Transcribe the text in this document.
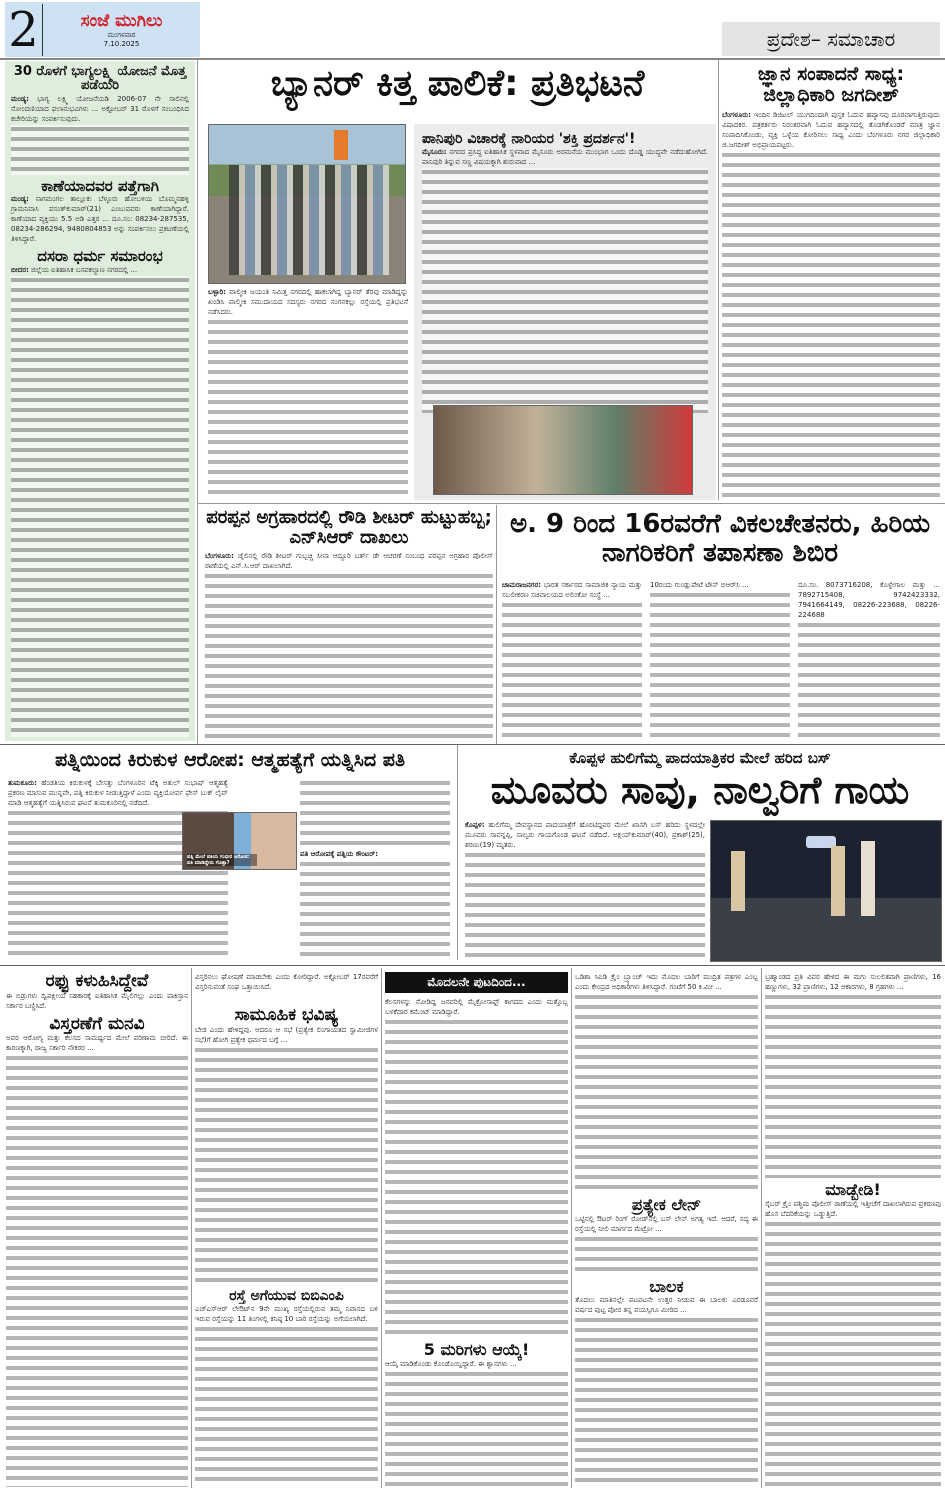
2	ಸಂಜೆ ಮುಗಿಲು
ಮಂಗಳವಾರ
7.10.2025	ಪ್ರದೇಶ– ಸಮಾಚಾರ
30 ರೊಳಗೆ ಭಾಗ್ಯಲಕ್ಷ್ಮಿ ಯೋಜನೆ ಮೊತ್ತ ಪಡೆಯಿರಿ
ಮಂಡ್ಯ: ಭಾಗ್ಯ ಲಕ್ಷ್ಮಿ ಯೋಜನೆಯಡಿ 2006-07 ನೇ ಸಾಲಿನಲ್ಲಿ ನೋಂದಣಿಯಾದ ಫಲಾನುಭವಿಗಳು ... ಅಕ್ಟೋಬರ್ 31 ರೊಳಗೆ ಸಂಬಂಧಿಸಿದ ಕಚೇರಿಯನ್ನು ಸಂಪರ್ಕಿಸುವುದು.
ಕಾಣೆಯಾದವರ ಪತ್ತೆಗಾಗಿ
ಮಂಡ್ಯ: ನಾಗಮಂಗಲ ತಾಲ್ಲೂಕು ಬೆಳ್ಳೂರು ಹೋಬಳಿಯ ಬೊಮ್ಮನಹಳ್ಳಿ ಗ್ರಾಮನಿವಾಸಿ ವಸಂತ್‌ಕುಮಾರ್(21) ಎಂಬುವವರು ಕಾಣೆಯಾಗಿದ್ದಾರೆ. ಕಾಣೆಯಾದ ವ್ಯಕ್ತಿಯು 5.5 ಅಡಿ ಎತ್ತರ ... ದೂ.ಸಂ: 08234-287535, 08234-286294, 9480804853 ಅನ್ನು ಸಂಪರ್ಕಿಸಲು ಪ್ರಕಟಣೆಯಲ್ಲಿ ತಿಳಿಸಿದ್ದಾರೆ.
ದಸರಾ ಧರ್ಮ ಸಮಾರಂಭ
ಬೀದರ: ಜಿಲ್ಲೆಯ ಐತಿಹಾಸಿಕ ಬಸವಕಲ್ಯಾಣ ನಗರದಲ್ಲಿ ...
ಬ್ಯಾನರ್ ಕಿತ್ತ ಪಾಲಿಕೆ: ಪ್ರತಿಭಟನೆ
ಬಳ್ಳಾರಿ: ವಾಲ್ಮೀಕಿ ಜಯಂತಿ ನಿಮಿತ್ತ ನಗರದಲ್ಲಿ ಹಾಕಲಾಗಿದ್ದ ಬ್ಯಾನರ್ ತೆರವು ಮಾಡಿದ್ದನ್ನು ಖಂಡಿಸಿ ವಾಲ್ಮೀಕಿ ಸಮುದಾಯದ ಸದಸ್ಯರು ನಗರದ ಸಂಗನಕಲ್ಲು ರಸ್ತೆಯಲ್ಲಿ ಪ್ರತಿಭಟನೆ ನಡೆಸಿದರು.
ಪಾನಿಪುರಿ ವಿಚಾರಕ್ಕೆ ನಾರಿಯರ 'ಶಕ್ತಿ ಪ್ರದರ್ಶನ'!
ಮೈಸೂರು: ನಗರದ ಪ್ರಸಿದ್ಧ ಐತಿಹಾಸಿಕ ಸ್ಥಳವಾದ ಮೈಸೂರು ಅರಮನೆಯ ಮುಂಭಾಗ ಒಂದು ದೊಡ್ಡ ಯುದ್ಧವೇ ನಡೆದುಹೋಗಿದೆ. ಪಾನಿಪುರಿ ತಿನ್ನುವ ಸಣ್ಣ ವಿಷಯಕ್ಕಾಗಿ ಶುರುವಾದ ...
ಜ್ಞಾನ ಸಂಪಾದನೆ ಸಾಧ್ಯ: ಜಿಲ್ಲಾಧಿಕಾರಿ ಜಗದೀಶ್
ಬೆಂಗಳೂರು: ಇಂದಿನ ಡಿಜಿಟಲ್ ಯುಗದಿಂದಾಗಿ ಪುಸ್ತಕ ಓದುವ ಹವ್ಯಾಸವು ದೂರವಾಗುತ್ತಿರುವುದು ವಿಷಾದಕರ. ಪತ್ರಕರ್ತರು ನಿರಂತರವಾಗಿ ಓದುವ ಹವ್ಯಾಸದಲ್ಲಿ ತೊಡಗಿಕೊಂಡರೆ ಮಾತ್ರ ಜ್ಞಾನ ಸಂಪಾದಿಸಿಕೊಂಡು, ವ್ಯಕ್ತಿ ಒಳ್ಳೆಯ ಕೋರಿಸಲು ಸಾಧ್ಯ ಎಂದು ಬೆಂಗಳೂರು ನಗರ ಜಿಲ್ಲಾಧಿಕಾರಿ ಜಿ.ಜಗದೀಶ್ ಅಭಿಪ್ರಾಯಪಟ್ಟರು.
ಪರಪ್ಪನ ಅಗ್ರಹಾರದಲ್ಲಿ ರೌಡಿ ಶೀಟರ್ ಹುಟ್ಟುಹಬ್ಬ; ಎನ್‌ಸಿಆರ್ ದಾಖಲು
ಬೆಂಗಳೂರು: ಜೈಲಿನಲ್ಲಿ ರೌಡಿ ಶೀಟರ್ ಗುಬ್ಬಚ್ಚಿ ಸೀನಾ ಆದ್ದೂರಿ ಬರ್ತ್ ಡೇ ಆಚರಣೆ ಸಂಬಂಧ ಪರಪ್ಪನ ಅಗ್ರಹಾರ ಪೊಲೀಸ್ ಠಾಣೆಯಲ್ಲಿ ಎನ್.ಸಿ.ಆರ್ ದಾಖಲಾಗಿದೆ.
ಅ. 9 ರಿಂದ 16ರವರೆಗೆ ವಿಕಲಚೇತನರು, ಹಿರಿಯ ನಾಗರಿಕರಿಗೆ ತಪಾಸಣಾ ಶಿಬಿರ
ಚಾಮರಾಜನಗರ: ಭಾರತ ಸರ್ಕಾರದ ಸಾಮಾಜಿಕ ನ್ಯಾಯ ಮತ್ತು ಸಬಲೀಕರಣ ಸಚಿವಾಲಯದ ಅಲಿಂಕೋ ಸಂಸ್ಥೆ ...
10ರಂದು ಗುಂಡ್ಲುಪೇಟೆ ಟೌನ್ ಬಿಆರ್‌ಸಿ ...	ದೂ.ಸಂ. 8073716208, ಕೊಳ್ಳೇಗಾಲ ಮತ್ತು ... 7892715408, 9742423332, 7941664149, 08226-223688, 08226-224688
ಪತ್ನಿಯಿಂದ ಕಿರುಕುಳ ಆರೋಪ: ಆತ್ಮಹತ್ಯೆಗೆ ಯತ್ನಿಸಿದ ಪತಿ
ತುಮಕೂರು: ಹೆಂಡತಿಯ ಕಿರುಕುಳಕ್ಕೆ ಬೇಸತ್ತು ಬೆಂಗಳೂರಿನ ಟೆಕ್ಕಿ ಅತುಲ್ ಸುಭಾಷ್ ಆತ್ಮಹತ್ಯೆ ಪ್ರಕರಣ ಮಾಸುವ ಮುನ್ನವೇ, ಪತ್ನಿ ಕಿರುಕುಳ ನೀಡುತ್ತಿದ್ದಾಳೆ ಎಂದು ವ್ಯಕ್ತಿಯೋರ್ವ ಫೇಸ್ ಬುಕ್ ಲೈವ್ ಮಾಡಿ ಆತ್ಮಹತ್ಯೆಗೆ ಯತ್ನಿಸಿರುವ ಘಟನೆ ತುಮಕೂರಿನಲ್ಲಿ ನಡೆದಿದೆ.
ಪತ್ನಿ ಮೇಲೆ ಪತಿಯ ಗಂಭೀರ ಆರೋಪ: ಪತಿ ಮಾಡಿದ್ದೇನು ಗೊತ್ತಾ?
ಪತಿ ಆರೋಪಕ್ಕೆ ಪತ್ನಿಯ ಕೌಂಟರ್:
ಕೊಪ್ಪಳ ಹುಲಿಗೆಮ್ಮ ಪಾದಯಾತ್ರಿಕರ ಮೇಲೆ ಹರಿದ ಬಸ್
ಮೂವರು ಸಾವು, ನಾಲ್ವರಿಗೆ ಗಾಯ
ಕೊಪ್ಪಳ: ಹುಲಿಗೆಮ್ಮ ದೇವಸ್ಥಾನದ ಪಾದಯಾತ್ರೆಗೆ ಹೊರಟಿದ್ದವರ ಮೇಲೆ ಖಾಸಗಿ ಬಸ್ ಹರಿದು ಸ್ಥಳದಲ್ಲೇ ಮೂವರು ಸಾವನ್ನಪ್ಪಿ, ನಾಲ್ವರು ಗಾಯಗೊಂಡ ಘಟನೆ ನಡೆದಿದೆ. ಅಕ್ಷಯ್‌ಕುಮಾರ್(40), ಪ್ರಕಾಶ್(25), ಶರಣು(19) ಮೃತರು.
ರಫ್ಫು ಕಳುಹಿಸಿದ್ದೇವೆ
ಈ ಬಿಡ್ರುಗಳು ದ್ವಿಪಕ್ಷೀಯ ಸಹಕಾರಕ್ಕೆ ಐತಿಹಾಸಿಕ ಮೈಲಿಗಲ್ಲು ಎಂದು ಪಾಕಿಸ್ತಾನ ಸರ್ಕಾರ ಬಣ್ಣಿಸಿದೆ.
ವಿಸ್ತರಣೆಗೆ ಮನವಿ
ಅವರ ಆರೋಗ್ಯ ಮತ್ತು ಕೆಲಸದ ಸಾಮರ್ಥ್ಯದ ಮೇಲೆ ಪರಿಣಾಮ ಬೀರಿದೆ. ಈ ಕಾರಣಕ್ಕಾಗಿ, ರಾಜ್ಯ ಸರ್ಕಾರಿ ನೌಕರರ ...
ವಿಸ್ತರಿಸಲು ಘೋಷಣೆ ಮಾಡಬೇಕು ಎಂದು ಕೋರಿದ್ದಾರೆ. ಅಕ್ಟೋಬರ್ 17ರವರೆಗೆ ವಿಸ್ತರಿಸುವಂತೆ ಸಂಘ ಒತ್ತಾಯಿಸಿದೆ.
ಸಾಮೂಹಿಕ ಭವಿಷ್ಯ
ಬೇಡ ಎಂದು ಹೇಳಿದ್ದವು. ಆದರೂ ಆ ಸಭೆ (ಪ್ರತ್ಯೇಕ ಲಿಂಗಾಯತದ ಸ್ವಾಮೀಜಿಗಳ ಸಭೆ)ಗೆ ಹೋಗಿ ಪ್ರತ್ಯೇಕ ಧರ್ಮದ ಬಗ್ಗೆ ...
ರಸ್ತೆ ಅಗೆಯುವ ಬಿಬಿಎಂಪಿ
ಎಚ್‌ಎಸ್‌ಆರ್ ಲೇಔಟ್‌ನ 9ನೇ ಮುಖ್ಯ ರಸ್ತೆಯಲ್ಲಿರುವ ತಮ್ಮ ನಿವಾಸದ ಬಳಿ ಇರುವ ರಸ್ತೆಯನ್ನು 11 ತಿಂಗಳಲ್ಲಿ ಕನಿಷ್ಠ 10 ಬಾರಿ ರಸ್ತೆಯನ್ನು ಅಗೆಯಲಾಗಿದೆ.
ಮೊದಲನೇ ಪುಟದಿಂದ...
ಕೆಲಸಗಳನ್ನು ನೋಡಿದ್ದ ಜನವರಿಲ್ಲಿ ಮೈಕ್ರೋಸಾಫ್ಟ್ ಕಾಗದದ ಎಂದು ಮತ್ತೊಬ್ಬ ಬಳಕೆದಾರ ಕಮೆಂಟ್ ಮಾಡಿದ್ದಾರೆ.
5 ಮರಿಗಳು ಆಯ್ಕೆ!
ಆಯ್ಕೆ ಮಾಡಿಕೊಂಡು ಕೊಂಡೊಯ್ದಿದ್ದಾರೆ. ಈ ಶ್ವಾನಗಳು ...
ಒಡಿಶಾ ಸಿಐಡಿ ಕ್ರೈಂ ಬ್ರ್ಯಾಂಚ್ ಇದು ಮೊದಲ ಬಾರಿಗೆ ಮುದ್ರಿತ ಪತ್ರಗಳ ಎಂಬ್ಬ ಎಂದು ಕೇಂದ್ರದ ಅಧಿಕಾರಿಗಳು ತಿಳಿಸಿದ್ದಾರೆ. ಗಂಟೆಗೆ 50 ಕಿ.ಮೀ ...
ಪ್ರತ್ಯೇಕ ಲೇನ್
ಒಟ್ಟಿನಲ್ಲಿ ಔಟರ್ ರಿಂಗ್ ರೋಡ್‌ನಲ್ಲಿ ಬಸ್ ಲೇನ್ ಅಗತ್ಯ ಇದೆ. ಆದರೆ, ಸದ್ಯ ಈ ರಸ್ತೆಯಲ್ಲಿ ನೀಲಿ ಮಾರ್ಗದ ಮೆಟ್ರೋ ...
ಬಾಲಕ
ತೊದಲು ಮಾತಿನಲ್ಲೇ ಪಟಪಟನೇ ಉತ್ತರ ನೀಡುವ ಈ ಬಾಲಕ: ಎರಡೂವರೆ ವರ್ಷದ ಪುಟ್ಟ ಪೋರ ತನ್ನ ವಯಸ್ಸಿಗೂ ಮೀರಿದ ...
ಬ್ರಹ್ಮಾಂಡದ ಪ್ರತಿ ವಿವರ ಹೇಳಿದ ಈ ಮಗು ಸುಲಲಿತವಾಗಿ ಪ್ರಾಣಿಗಳು, 16 ಹಣ್ಣುಗಳು, 32 ಪ್ರಾಣಿಗಳು, 12 ಆಕಾರಗಳು, 8 ಗ್ರಹಗಳು ...
ಮಾಡ್ಬೇಡಿ!
ಸೈಬರ್ ಕ್ರೈಂ ಪಶ್ಚಿಮ ಪೊಲೀಸ್ ಠಾಣೆಯಲ್ಲಿ ಇತ್ತೀಚೆಗೆ ದಾಖಲಾಗಿರುವ ಪ್ರಕರಣವು ಹೊಸ ಬೆದರಿಕೆಯನ್ನು ಒಡ್ಡುತ್ತಿದೆ.
